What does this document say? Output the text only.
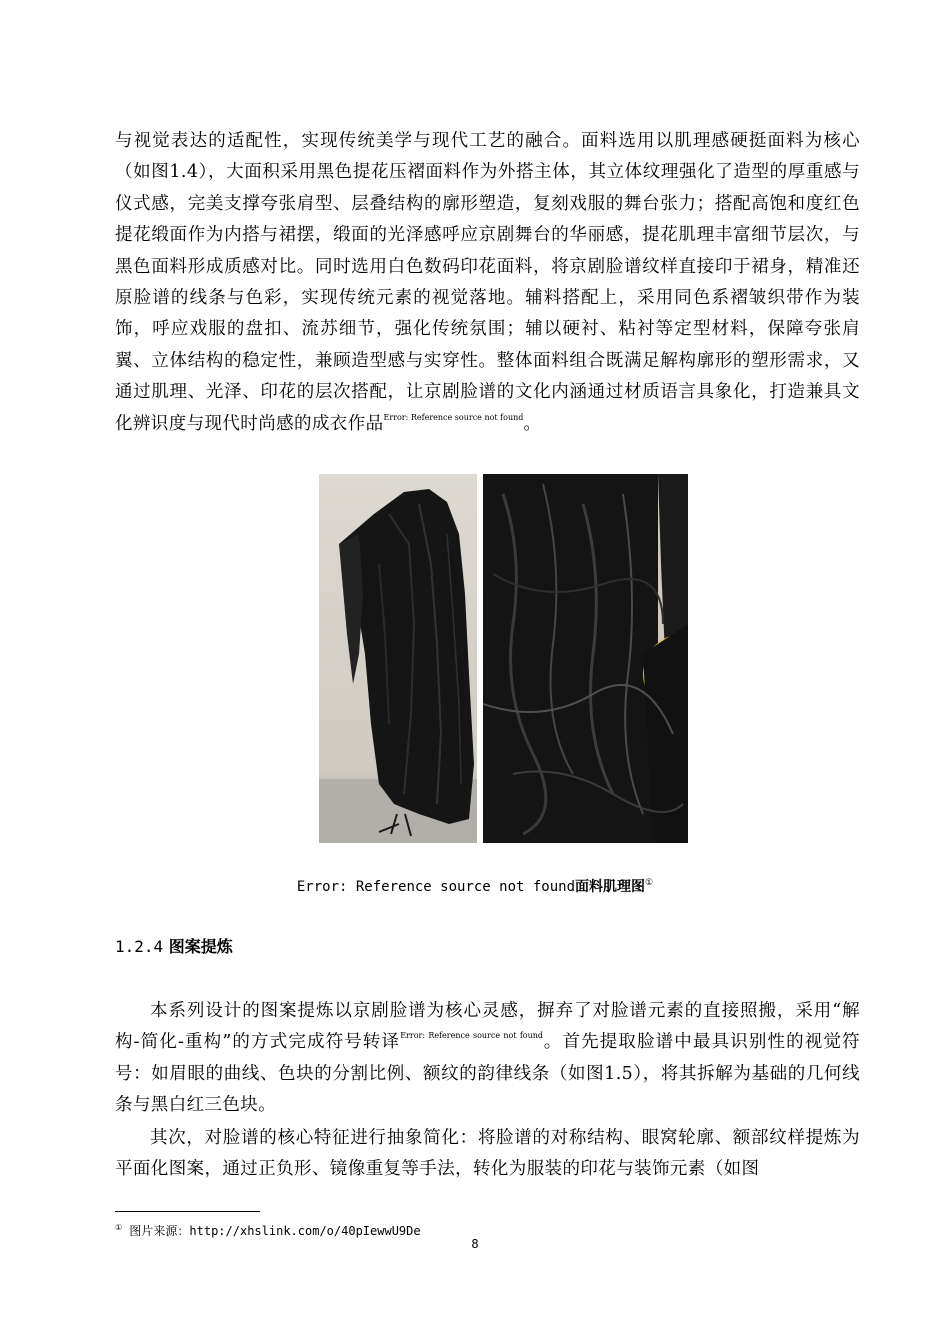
与视觉表达的适配性，实现传统美学与现代工艺的融合。面料选用以肌理感硬挺面料为核心（如图1.4），大面积采用黑色提花压褶面料作为外搭主体，其立体纹理强化了造型的厚重感与仪式感，完美支撑夸张肩型、层叠结构的廓形塑造，复刻戏服的舞台张力；搭配高饱和度红色提花缎面作为内搭与裙摆，缎面的光泽感呼应京剧舞台的华丽感，提花肌理丰富细节层次，与黑色面料形成质感对比。同时选用白色数码印花面料，将京剧脸谱纹样直接印于裙身，精准还原脸谱的线条与色彩，实现传统元素的视觉落地。辅料搭配上，采用同色系褶皱织带作为装饰，呼应戏服的盘扣、流苏细节，强化传统氛围；辅以硬衬、粘衬等定型材料，保障夸张肩翼、立体结构的稳定性，兼顾造型感与实穿性。整体面料组合既满足解构廓形的塑形需求，又通过肌理、光泽、印花的层次搭配，让京剧脸谱的文化内涵通过材质语言具象化，打造兼具文化辨识度与现代时尚感的成衣作品$^{Error: Reference source not found}$。
Error: Reference source not found面料肌理图①
1.2.4 图案提炼
本系列设计的图案提炼以京剧脸谱为核心灵感，摒弃了对脸谱元素的直接照搬，采用“解构-简化-重构”的方式完成符号转译$^{Error: Reference source not found}$。首先提取脸谱中最具识别性的视觉符号：如眉眼的曲线、色块的分割比例、额纹的韵律线条（如图1.5），将其拆解为基础的几何线条与黑白红三色块。
其次，对脸谱的核心特征进行抽象简化：将脸谱的对称结构、眼窝轮廓、额部纹样提炼为平面化图案，通过正负形、镜像重复等手法，转化为服装的印花与装饰元素（如图
① 图片来源：http://xhslink.com/o/40pIewwU9De
8
